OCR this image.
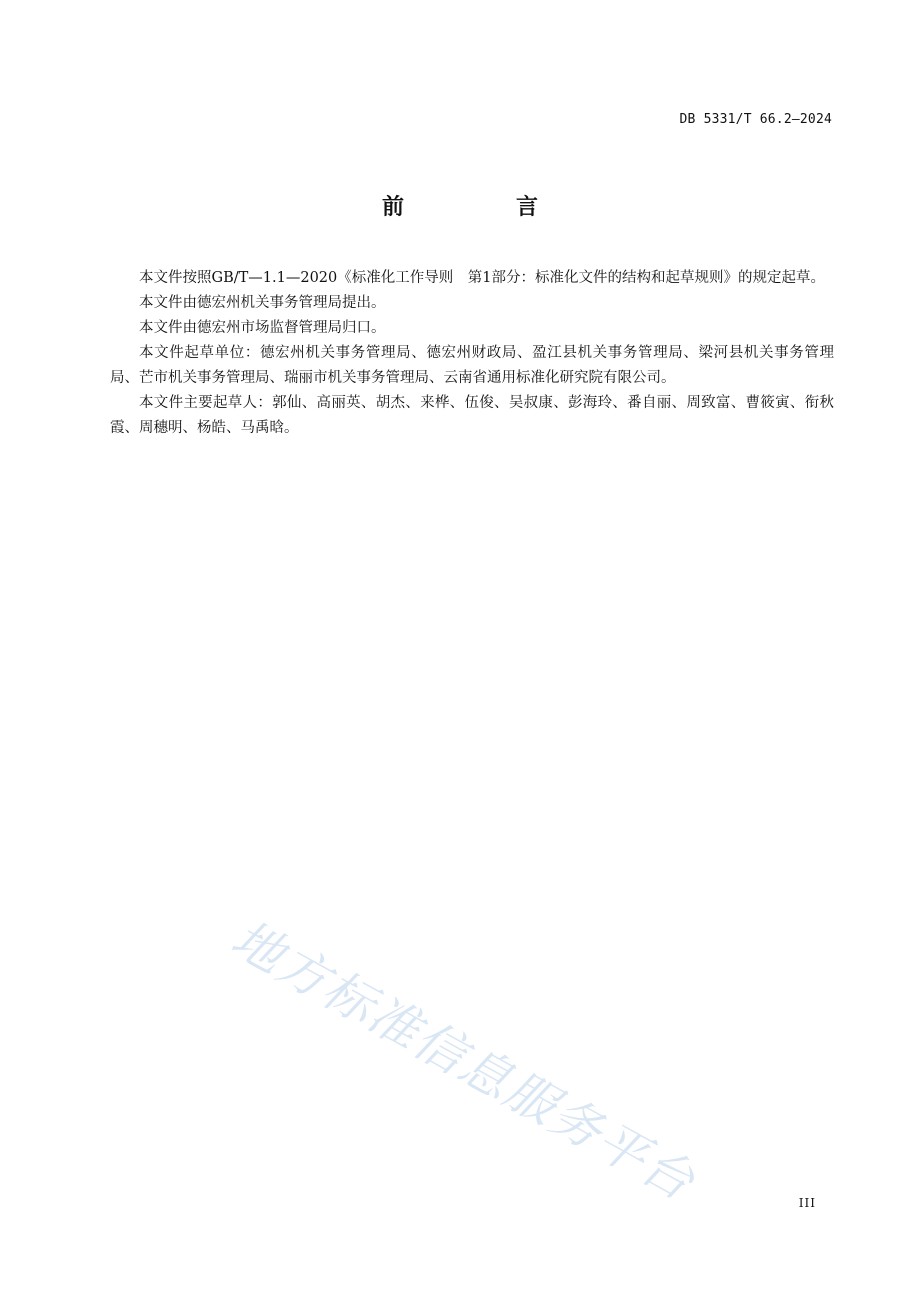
DB 5331/T 66.2—2024
前　言

本文件按照GB/T—1.1—2020《标准化工作导则　第1部分：标准化文件的结构和起草规则》的规定起草。

本文件由德宏州机关事务管理局提出。

本文件由德宏州市场监督管理局归口。

本文件起草单位：德宏州机关事务管理局、德宏州财政局、盈江县机关事务管理局、梁河县机关事务管理局、芒市机关事务管理局、瑞丽市机关事务管理局、云南省通用标准化研究院有限公司。

本文件主要起草人：郭仙、高丽英、胡杰、来桦、伍俊、吴叔康、彭海玲、番自丽、周致富、曹筱寅、衔秋霞、周穗明、杨皓、马禹晗。

地方标准信息服务平台	III
